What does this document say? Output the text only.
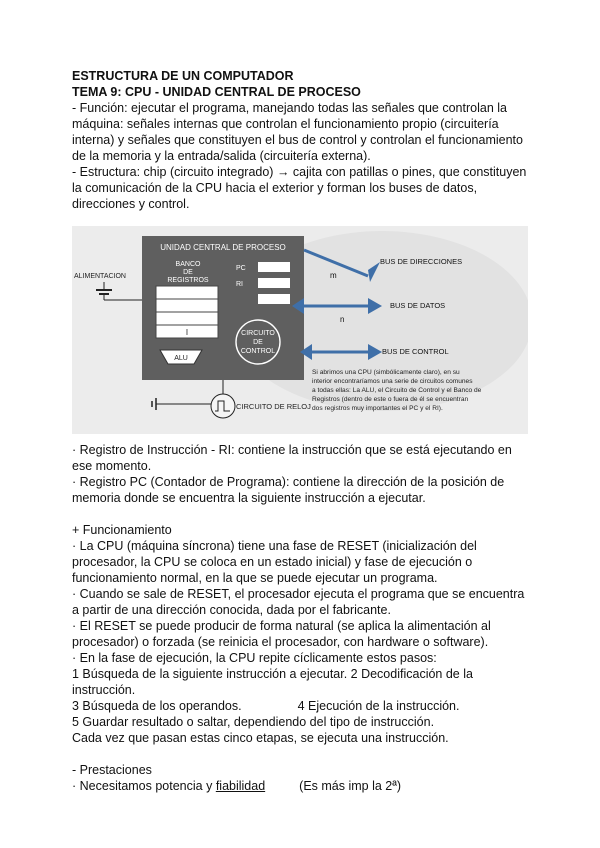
ESTRUCTURA DE UN COMPUTADOR

TEMA 9: CPU - UNIDAD CENTRAL DE PROCESO

- Función: ejecutar el programa, manejando todas las señales que controlan la máquina: señales internas que controlan el funcionamiento propio (circuitería interna) y señales que constituyen el bus de control y controlan el funcionamiento de la memoria y la entrada/salida (circuitería externa).

- Estructura: chip (circuito integrado) → cajita con patillas o pines, que constituyen la comunicación de la CPU hacia el exterior y forman los buses de datos, direcciones y control.

UNIDAD CENTRAL DE PROCESO
BANCO
DE
REGISTROS
I
PC
RI
ALU
CIRCUITO
DE
CONTROL
ALIMENTACION
CIRCUITO DE RELOJ
BUS DE DIRECCIONES
m
BUS DE DATOS
n
BUS DE CONTROL
Si abrimos una CPU (simbólicamente claro), en su
interior encontraríamos una serie de circuitos comunes
a todas ellas: La ALU, el Circuito de Control y el Banco de
Registros (dentro de este o fuera de él se encuentran
dos registros muy importantes el PC y el RI).

· Registro de Instrucción - RI: contiene la instrucción que se está ejecutando en ese momento.

· Registro PC (Contador de Programa): contiene la dirección de la posición de memoria donde se encuentra la siguiente instrucción a ejecutar.

+ Funcionamiento

· La CPU (máquina síncrona) tiene una fase de RESET (inicialización del procesador, la CPU se coloca en un estado inicial) y fase de ejecución o funcionamiento normal, en la que se puede ejecutar un programa.

· Cuando se sale de RESET, el procesador ejecuta el programa que se encuentra a partir de una dirección conocida, dada por el fabricante.

· El RESET se puede producir de forma natural (se aplica la alimentación al procesador) o forzada (se reinicia el procesador, con hardware o software).

· En la fase de ejecución, la CPU repite cíclicamente estos pasos:

1 Búsqueda de la siguiente instrucción a ejecutar. 2 Decodificación de la instrucción.

3 Búsqueda de los operandos.	4 Ejecución de la instrucción.

5 Guardar resultado o saltar, dependiendo del tipo de instrucción.

Cada vez que pasan estas cinco etapas, se ejecuta una instrucción.

- Prestaciones

· Necesitamos potencia y fiabilidad	(Es más imp la 2ª)
